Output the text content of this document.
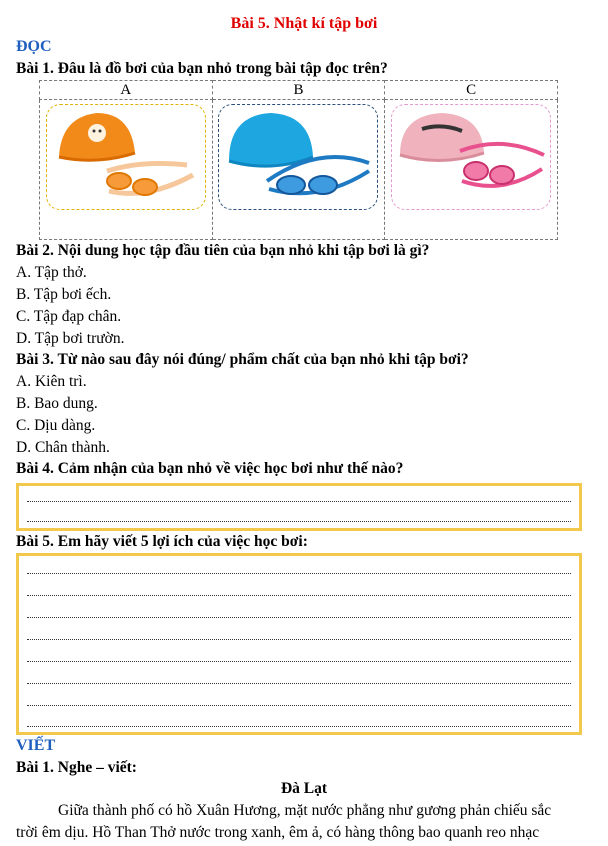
Bài 5. Nhật kí tập bơi
ĐỌC
Bài 1. Đâu là đồ bơi của bạn nhỏ trong bài tập đọc trên?
A	B	C

Bài 2. Nội dung học tập đầu tiên của bạn nhỏ khi tập bơi là gì?
A. Tập thở.
B. Tập bơi ếch.
C. Tập đạp chân.
D. Tập bơi trườn.
Bài 3. Từ nào sau đây nói đúng/ phẩm chất của bạn nhỏ khi tập bơi?
A. Kiên trì.
B. Bao dung.
C. Dịu dàng.
D. Chân thành.
Bài 4. Cảm nhận của bạn nhỏ về việc học bơi như thế nào?
Bài 5. Em hãy viết 5 lợi ích của việc học bơi:
VIẾT
Bài 1. Nghe – viết:
Đà Lạt
Giữa thành phố có hồ Xuân Hương, mặt nước phẳng như gương phản chiếu sắc
trời êm dịu. Hồ Than Thở nước trong xanh, êm ả, có hàng thông bao quanh reo nhạc
